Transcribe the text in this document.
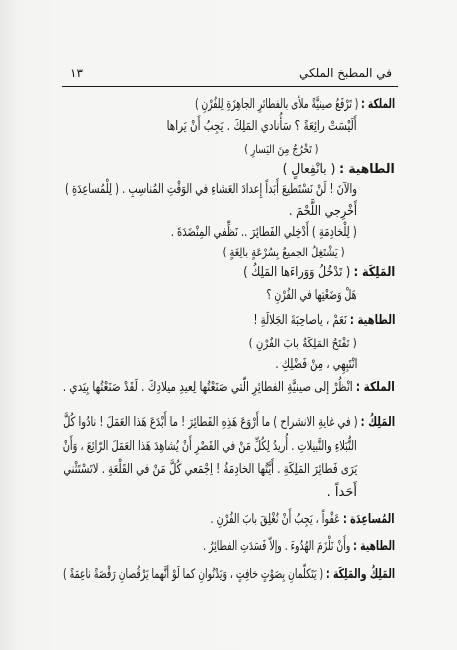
في المطبخ الملكي
١٣
الملكة :( تَرْفَعُ صينيَّةً ملأى بالفطائرِ الجاهِزَةِ لِلفُرْنِ )
أَلَيْسَتْ رائِعَةً ؟ سَأُنادي المَلِكَ . يَجِبُ أَنْ يَراها
( تَخْرُجُ مِنَ اليَسارِ )
الطاهية :( بانْفِعالٍ )
والآنَ ! لَنْ نَسْتَطيعَ أَبَداً إِعدادَ العَشاءِ في الوَقْتِ المُناسِبِ . ( لِلْمُساعِدَةِ )
أَخْرِجي اللَّحْمَ .
( لِلْخادِمَةِ ) أَدْخِلي الفَطائِرَ .. نَظِّفي المِنْضَدَةَ .
( يَشْتَغِلُ الجميعُ بِسُرْعَةٍ بالِغَةٍ )
المَلِكَة :( تَدْخُلُ وَوَراءَها المَلِكُ )
هَلْ وَضَعْتِها في الفُرْنِ ؟
الطاهية :نَعَمْ ، ياصاحِبَةَ الجَلالَةِ !
( تَفْتَحُ المَلِكَةُ بابَ الفُرْنِ )
انْتَبِهِي ، مِنْ فَضْلِكِ .
الملكة :انْظُرْ إلى صينيَّةِ الفطائِرِ الّتي صَنَعْتُها لِعيدِ ميلادِكَ . لَقَدْ صَنَعْتُها بِيَدي .
المَلِكُ :( في غايةِ الانشراح ) ما أَرْوَعَ هَذِهِ الفَطائِرَ ! ما أَبْدَعَ هَذا العَمَلَ ! نادُوا كُلَّ
النُّبَلاءِ والنَّبيلاتِ . أُريدُ لِكُلِّ مَنْ في القَصْرِ أَنْ يُشاهِدَ هَذا العَمَلَ الرّائِعَ ، وَأَنْ
يَرَى فَطائِرَ المَلِكَةِ . أَيَّتُها الخادِمَةُ ! اِجْمَعي كُلَّ مَنْ في القَلْعَةِ . لاتَسْتَثْني
أَحَداً .
المُساعِدَة :عَفْواً ، يَجِبُ أَنْ نُغْلِقَ بابَ الفُرْنِ .
الطاهية :وأَنْ نَلْزَمَ الهُدُوءَ . وإلاّ فَسَدَتِ الفطائِرُ .
المَلِكُ والمَلِكَة :( يَتَكلّمانِ بِصَوْتٍ خافِتٍ ، وَيَدْنُوانِ كما لَوْ أنَّهما يَرْقُصانِ رَقْصَةً ناعِمَةً )
